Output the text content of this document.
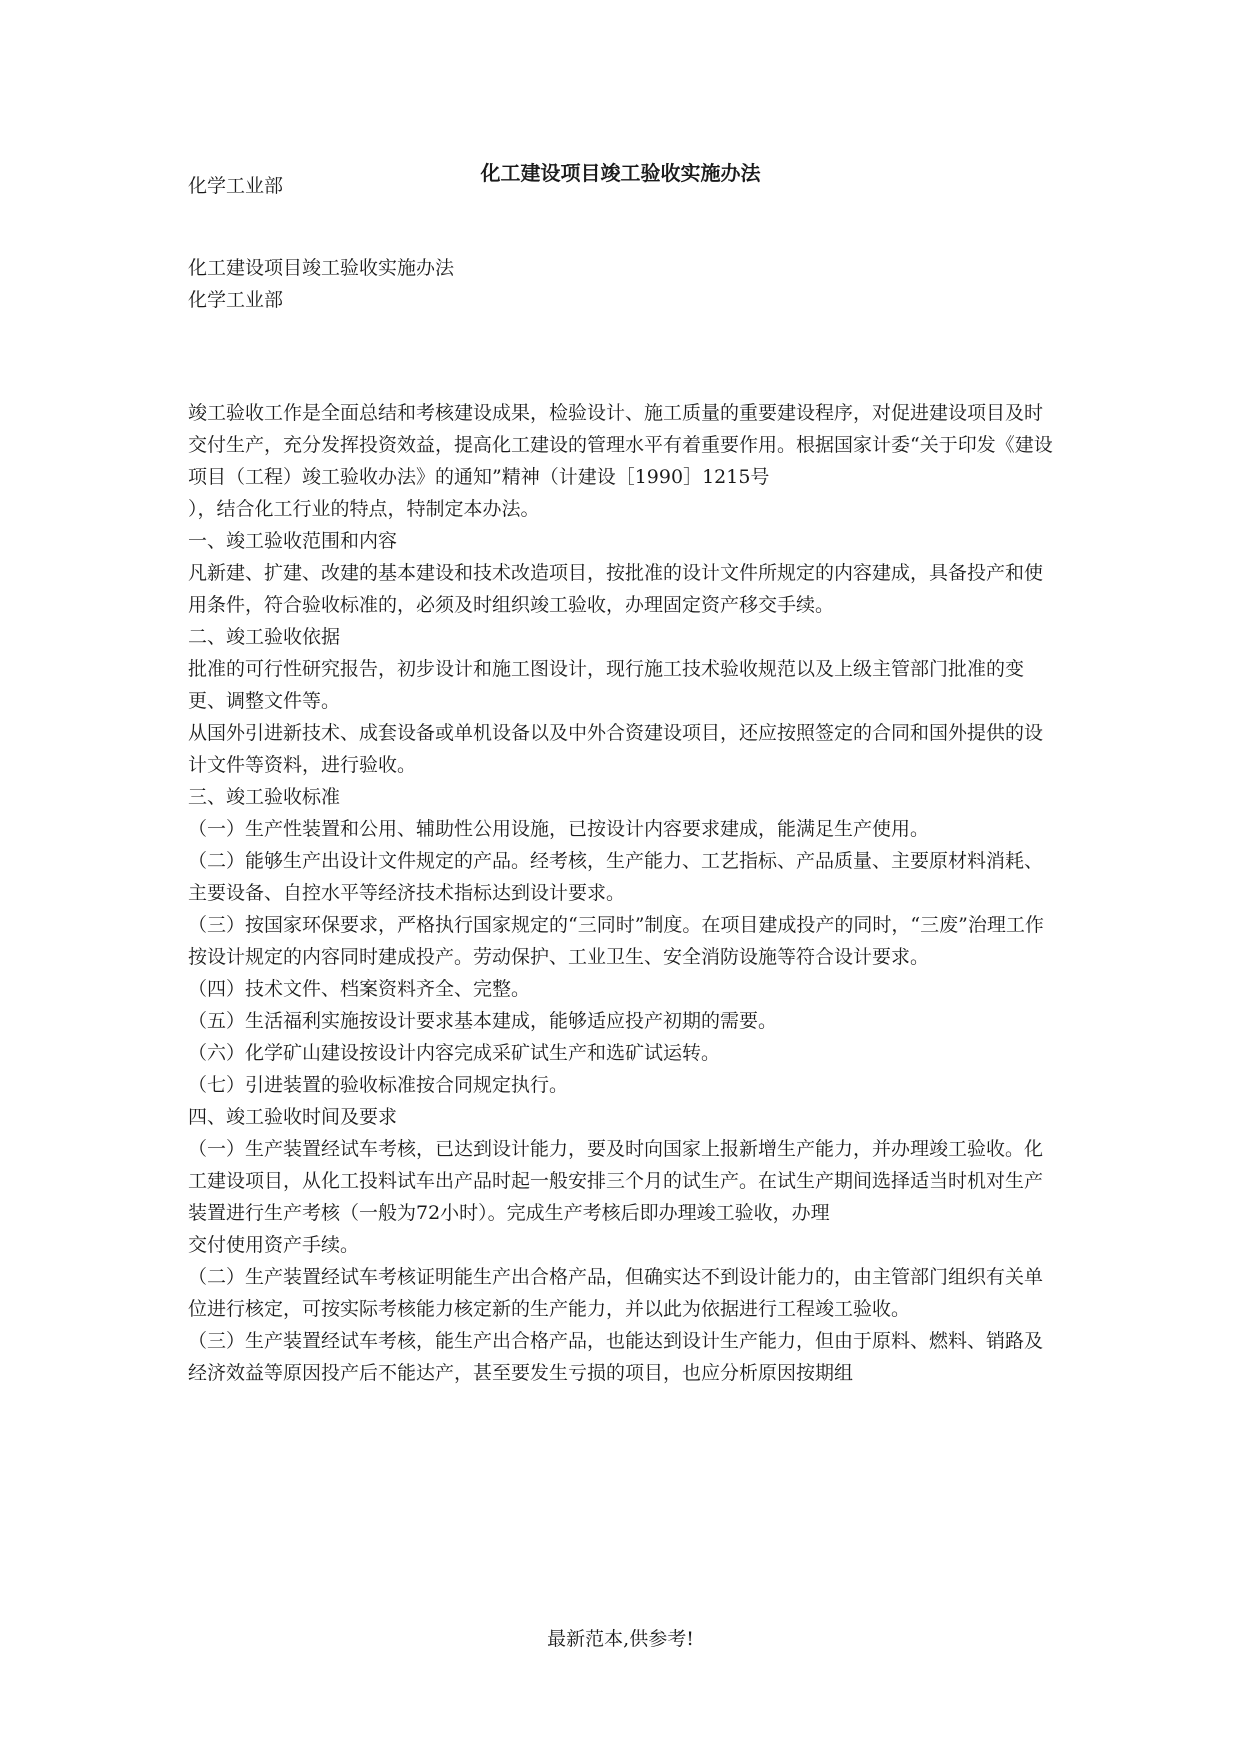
化工建设项目竣工验收实施办法

化学工业部

化工建设项目竣工验收实施办法

化学工业部

竣工验收工作是全面总结和考核建设成果，检验设计、施工质量的重要建设程序，对促进建设项目及时交付生产，充分发挥投资效益，提高化工建设的管理水平有着重要作用。根据国家计委“关于印发《建设项目（工程）竣工验收办法》的通知”精神（计建设［1990］1215号

），结合化工行业的特点，特制定本办法。

一、竣工验收范围和内容

凡新建、扩建、改建的基本建设和技术改造项目，按批准的设计文件所规定的内容建成，具备投产和使用条件，符合验收标准的，必须及时组织竣工验收，办理固定资产移交手续。

二、竣工验收依据

批准的可行性研究报告，初步设计和施工图设计，现行施工技术验收规范以及上级主管部门批准的变更、调整文件等。

从国外引进新技术、成套设备或单机设备以及中外合资建设项目，还应按照签定的合同和国外提供的设计文件等资料，进行验收。

三、竣工验收标准

（一）生产性装置和公用、辅助性公用设施，已按设计内容要求建成，能满足生产使用。

（二）能够生产出设计文件规定的产品。经考核，生产能力、工艺指标、产品质量、主要原材料消耗、主要设备、自控水平等经济技术指标达到设计要求。

（三）按国家环保要求，严格执行国家规定的“三同时”制度。在项目建成投产的同时，“三废”治理工作按设计规定的内容同时建成投产。劳动保护、工业卫生、安全消防设施等符合设计要求。

（四）技术文件、档案资料齐全、完整。

（五）生活福利实施按设计要求基本建成，能够适应投产初期的需要。

（六）化学矿山建设按设计内容完成采矿试生产和选矿试运转。

（七）引进装置的验收标准按合同规定执行。

四、竣工验收时间及要求

（一）生产装置经试车考核，已达到设计能力，要及时向国家上报新增生产能力，并办理竣工验收。化工建设项目，从化工投料试车出产品时起一般安排三个月的试生产。在试生产期间选择适当时机对生产装置进行生产考核（一般为72小时）。完成生产考核后即办理竣工验收，办理

交付使用资产手续。

（二）生产装置经试车考核证明能生产出合格产品，但确实达不到设计能力的，由主管部门组织有关单位进行核定，可按实际考核能力核定新的生产能力，并以此为依据进行工程竣工验收。

（三）生产装置经试车考核，能生产出合格产品，也能达到设计生产能力，但由于原料、燃料、销路及经济效益等原因投产后不能达产，甚至要发生亏损的项目，也应分析原因按期组

最新范本,供参考!
